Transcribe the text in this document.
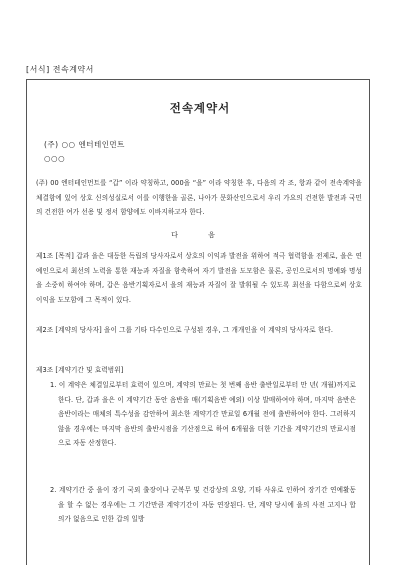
[서식] 전속계약서
전속계약서
(주) ○○ 엔터테인먼트
○○○
(주) 00 엔터테인먼트를 “갑” 이라 약칭하고, 000을 “을” 이라 약칭한 후, 다음의 각 조, 항과 같이 전속계약을 체결함에 있어 상호 신의성실로서 이를 이행한을 골론, 나아가 문화산인으로서 우리 가요의 건전한 발전과 국민의 건전한 여가 선용 및 정서 함양에도 이바지하고자 한다.
다 음
제1조 [목적] 갑과 을은 대등한 독립의 당사자로서 상호의 이익과 발전을 위하여 적극 협력함을 전제로, 을은 연예인으로서 최선의 노력을 통한 재능과 자질을 함축하여 자기 발전을 도모함은 물론, 공인으로서의 명예와 명성을 소중히 하여야 하며, 갑은 음반기획자로서 을의 재능과 자질이 잘 발휘될 수 있도록 최선을 다함으로써 상호 이익을 도모함에 그 목적이 있다.
제2조 [계약의 당사자] 을이 그룹 기타 다수인으로 구성된 경우, 그 개개인을 이 계약의 당사자로 한다.
제3조 [계약기간 및 효력범위]
1. 이 계약은 체결일로부터 효력이 있으며, 계약의 만료는 첫 번째 음반 출반일로부터 만 년( 개월)까지로 한다. 단, 갑과 을은 이 계약기간 동안 음반을 매(기획음반 예외) 이상 발매하여야 하며, 마지막 음반은 음반이라는 매체의 특수성을 감안하여 최소한 계약기간 만료일 6개월 전에 출반하여야 한다. 그러하지 않을 경우에는 마지막 음반의 출반시점을 기산점으로 하여 6개월을 더한 기간을 계약기간의 만료시점으로 자동 산정한다.
2. 계약기간 중 을이 장기 국외 출장이나 군복무 및 건강상의 요양, 기타 사유로 인하여 장기간 연예활동을 할 수 없는 경우에는 그 기간만큼 계약기간이 자동 연장된다. 단, 계약 당시에 을의 사전 고지나 합의가 없음으로 인한 갑의 일방
